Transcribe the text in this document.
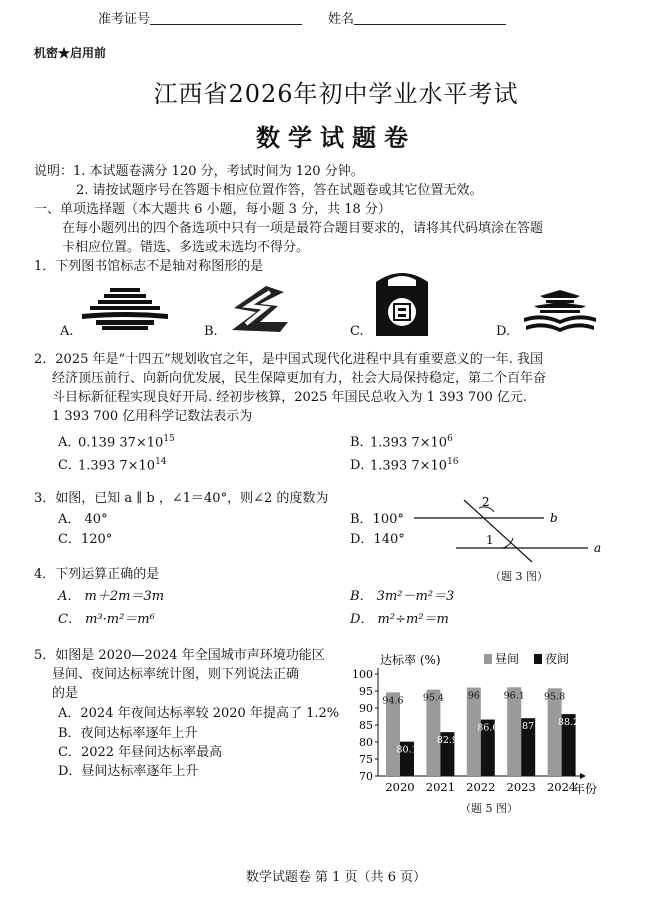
准考证号	姓名
机密★启用前
江西省2026年初中学业水平考试
数学试题卷
说明：1. 本试题卷满分 120 分，考试时间为 120 分钟。
2. 请按试题序号在答题卡相应位置作答，答在试题卷或其它位置无效。
一、单项选择题（本大题共 6 小题，每小题 3 分，共 18 分）
在每小题列出的四个备选项中只有一项是最符合题目要求的，请将其代码填涂在答题
卡相应位置。错选、多选或未选均不得分。
1．下列图书馆标志不是轴对称图形的是
A.	B.	C.	D.
2．2025 年是“十四五”规划收官之年，是中国式现代化进程中具有重要意义的一年. 我国
经济顶压前行、向新向优发展，民生保障更加有力，社会大局保持稳定，第二个百年奋
斗目标新征程实现良好开局. 经初步核算，2025 年国民总收入为 1 393 700 亿元.
1 393 700 亿用科学记数法表示为
A．0.139 $37\times 10^{15}$	B．1.393 $7\times 10^6$
C．1.393 $7\times 10^{14}$	D．1.393 $7\times 10^{16}$
3．如图，已知 a ∥ b ，∠1＝40°，则∠2 的度数为
A． 40°	B．100°
C．120°	D．140°
2
1
b
a
（题 3 图）
4．下列运算正确的是
A． m＋2m＝3m	B． 3m²－m²＝3
C． m³·m²＝m⁶	D． m²÷m²＝m
5．如图是 2020—2024 年全国城市声环境功能区
昼间、夜间达标率统计图，则下列说法正确
的是
A．2024 年夜间达标率较 2020 年提高了 1.2%
B．夜间达标率逐年上升
C．2022 年昼间达标率最高
D．昼间达标率逐年上升
达标率 (%)	昼间 夜间
70
75
80
85
90
95
100
94.6
80.1
2020
95.4
82.9
2021
96
86.6
2022
96.1
87
2023
95.8
88.2
2024
年份
（题 5 图）
数学试题卷 第 1 页（共 6 页）
